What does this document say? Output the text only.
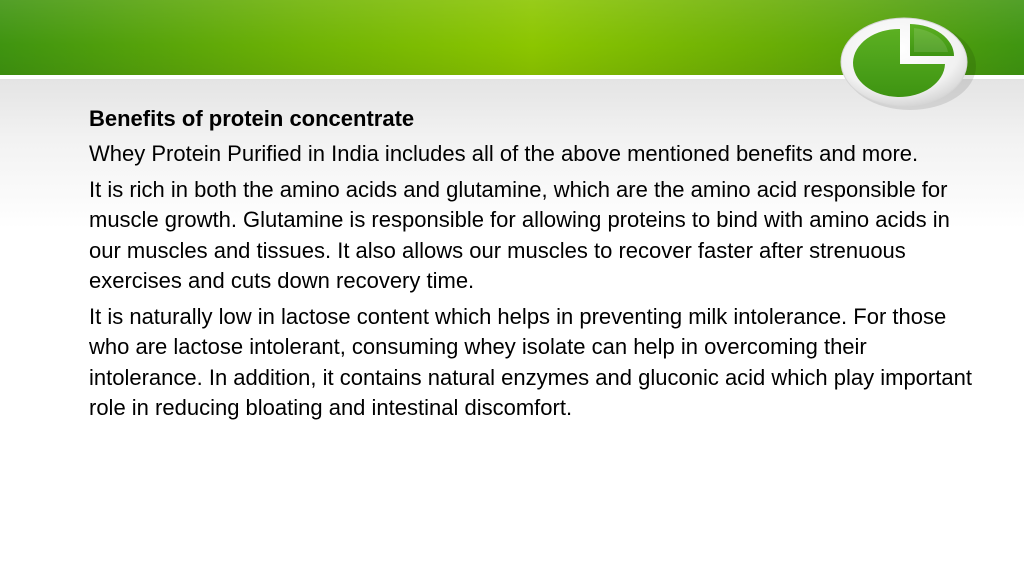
Benefits of protein concentrate

Whey Protein Purified in India includes all of the above mentioned benefits and more.

It is rich in both the amino acids and glutamine, which are the amino acid responsible for muscle growth. Glutamine is responsible for allowing proteins to bind with amino acids in our muscles and tissues. It also allows our muscles to recover faster after strenuous exercises and cuts down recovery time.

It is naturally low in lactose content which helps in preventing milk intolerance. For those who are lactose intolerant, consuming whey isolate can help in overcoming their intolerance. In addition, it contains natural enzymes and gluconic acid which play important role in reducing bloating and intestinal discomfort.
